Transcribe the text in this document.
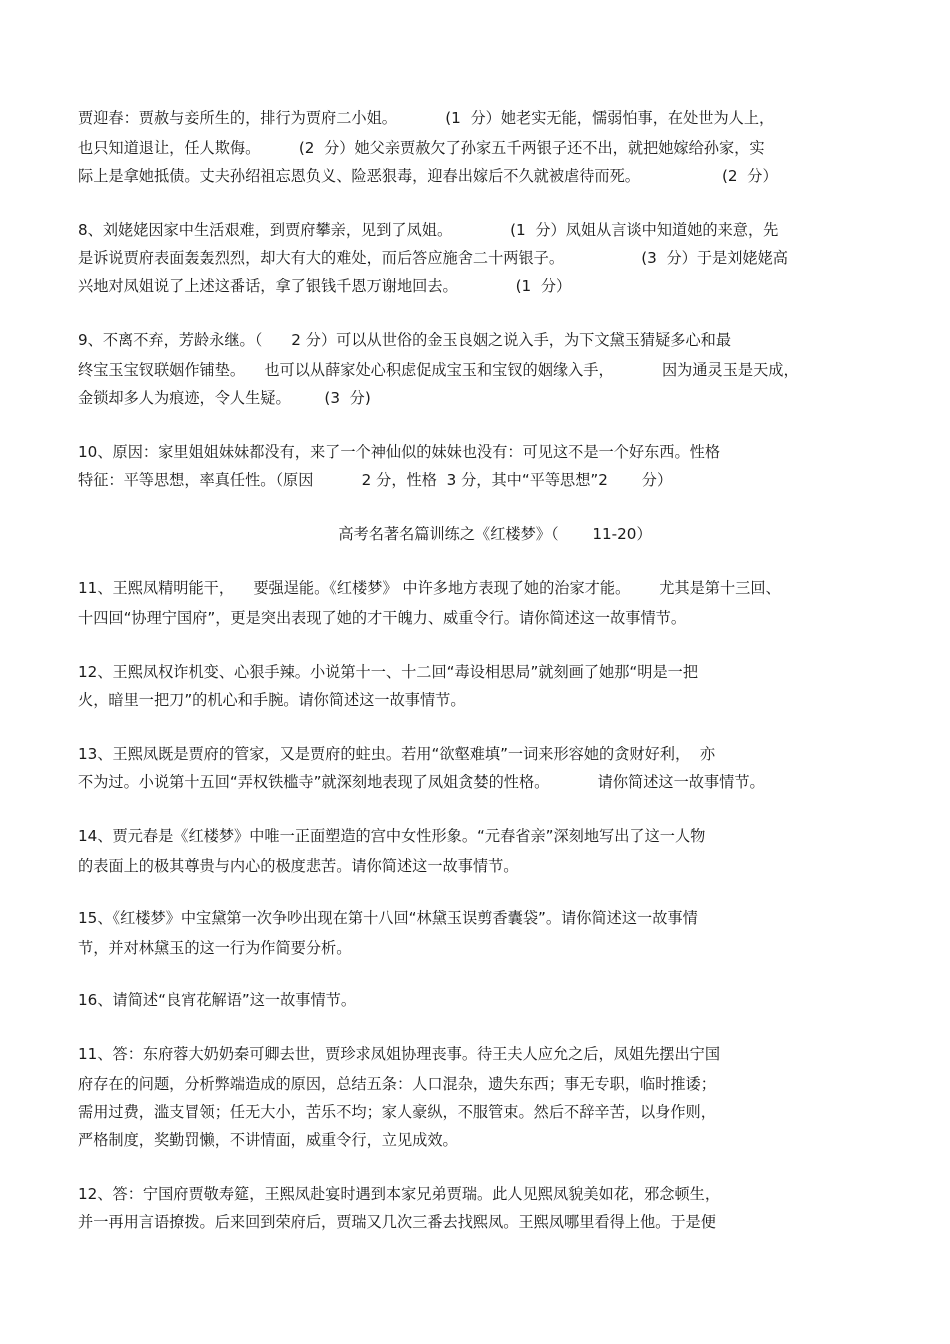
贾迎春：贾赦与妾所生的，排行为贾府二小姐。          (1  分）她老实无能，懦弱怕事，在处世为人上，
也只知道退让，任人欺侮。        (2  分）她父亲贾赦欠了孙家五千两银子还不出，就把她嫁给孙家，实
际上是拿她抵债。丈夫孙绍祖忘恩负义、险恶狠毒，迎春出嫁后不久就被虐待而死。                 (2  分）
8、刘姥姥因家中生活艰难，到贾府攀亲，见到了凤姐。            (1  分）凤姐从言谈中知道她的来意，先
是诉说贾府表面轰轰烈烈，却大有大的难处，而后答应施舍二十两银子。                (3  分）于是刘姥姥高
兴地对凤姐说了上述这番话，拿了银钱千恩万谢地回去。            (1  分）
9、不离不弃，芳龄永继。（      2 分）可以从世俗的金玉良姻之说入手，为下文黛玉猜疑多心和最
终宝玉宝钗联姻作铺垫。    也可以从薛家处心积虑促成宝玉和宝钗的姻缘入手，          因为通灵玉是天成，
金锁却多人为痕迹，令人生疑。       (3  分)
10、原因：家里姐姐妹妹都没有，来了一个神仙似的妹妹也没有：可见这不是一个好东西。性格
特征：平等思想，率真任性。（原因          2 分，性格  3 分，其中“平等思想”2       分）
高考名著名篇训练之《红楼梦》（       11-20）
11、王熙凤精明能干，    要强逞能。《红楼梦》 中许多地方表现了她的治家才能。      尤其是第十三回、
十四回“协理宁国府”，更是突出表现了她的才干魄力、威重令行。请你简述这一故事情节。
12、王熙凤权诈机变、心狠手辣。小说第十一、十二回“毒设相思局”就刻画了她那“明是一把
火，暗里一把刀”的机心和手腕。请你简述这一故事情节。
13、王熙凤既是贾府的管家，又是贾府的蛀虫。若用“欲壑难填”一词来形容她的贪财好利，  亦
不为过。小说第十五回“弄权铁槛寺”就深刻地表现了凤姐贪婪的性格。          请你简述这一故事情节。
14、贾元春是《红楼梦》中唯一正面塑造的宫中女性形象。“元春省亲”深刻地写出了这一人物
的表面上的极其尊贵与内心的极度悲苦。请你简述这一故事情节。
15、《红楼梦》中宝黛第一次争吵出现在第十八回“林黛玉误剪香囊袋”。请你简述这一故事情
节，并对林黛玉的这一行为作简要分析。
16、请简述“良宵花解语”这一故事情节。
11、答：东府蓉大奶奶秦可卿去世，贾珍求凤姐协理丧事。待王夫人应允之后，凤姐先摆出宁国
府存在的问题，分析弊端造成的原因，总结五条：人口混杂，遗失东西；事无专职，临时推诿；
需用过费，滥支冒领；任无大小，苦乐不均；家人豪纵，不服管束。然后不辞辛苦，以身作则，
严格制度，奖勤罚懒，不讲情面，威重令行，立见成效。
12、答：宁国府贾敬寿筵，王熙凤赴宴时遇到本家兄弟贾瑞。此人见熙凤貌美如花，邪念顿生，
并一再用言语撩拨。后来回到荣府后，贾瑞又几次三番去找熙凤。王熙凤哪里看得上他。于是便
